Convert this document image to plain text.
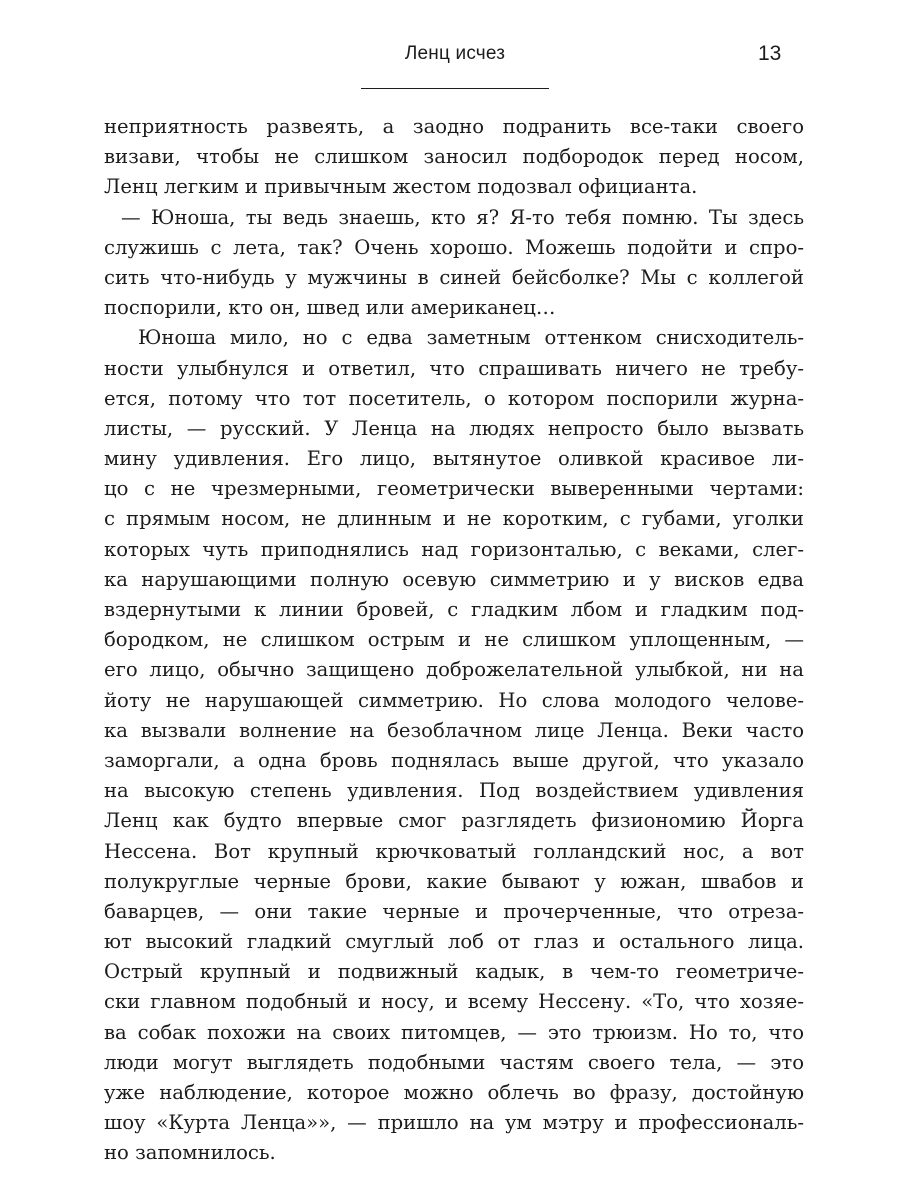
Ленц исчез	13
неприятность развеять, а заодно подранить все-таки своего
визави, чтобы не слишком заносил подбородок перед носом,
Ленц легким и привычным жестом подозвал официанта.
— Юноша, ты ведь знаешь, кто я? Я-то тебя помню. Ты здесь
служишь с лета, так? Очень хорошо. Можешь подойти и спро-
сить что-нибудь у мужчины в синей бейсболке? Мы с коллегой
поспорили, кто он, швед или американец…
Юноша мило, но с едва заметным оттенком снисходитель-
ности улыбнулся и ответил, что спрашивать ничего не требу-
ется, потому что тот посетитель, о котором поспорили журна-
листы, — русский. У Ленца на людях непросто было вызвать
мину удивления. Его лицо, вытянутое оливкой красивое ли-
цо с не чрезмерными, геометрически выверенными чертами:
с прямым носом, не длинным и не коротким, с губами, уголки
которых чуть приподнялись над горизонталью, с веками, слег-
ка нарушающими полную осевую симметрию и у висков едва
вздернутыми к линии бровей, с гладким лбом и гладким под-
бородком, не слишком острым и не слишком уплощенным, —
его лицо, обычно защищено доброжелательной улыбкой, ни на
йоту не нарушающей симметрию. Но слова молодого челове-
ка вызвали волнение на безоблачном лице Ленца. Веки часто
заморгали, а одна бровь поднялась выше другой, что указало
на высокую степень удивления. Под воздействием удивления
Ленц как будто впервые смог разглядеть физиономию Йорга
Нессена. Вот крупный крючковатый голландский нос, а вот
полукруглые черные брови, какие бывают у южан, швабов и
баварцев, — они такие черные и прочерченные, что отреза-
ют высокий гладкий смуглый лоб от глаз и остального лица.
Острый крупный и подвижный кадык, в чем-то геометриче-
ски главном подобный и носу, и всему Нессену. «То, что хозяе-
ва собак похожи на своих питомцев, — это трюизм. Но то, что
люди могут выглядеть подобными частям своего тела, — это
уже наблюдение, которое можно облечь во фразу, достойную
шоу «Курта Ленца»», — пришло на ум мэтру и профессиональ-
но запомнилось.
